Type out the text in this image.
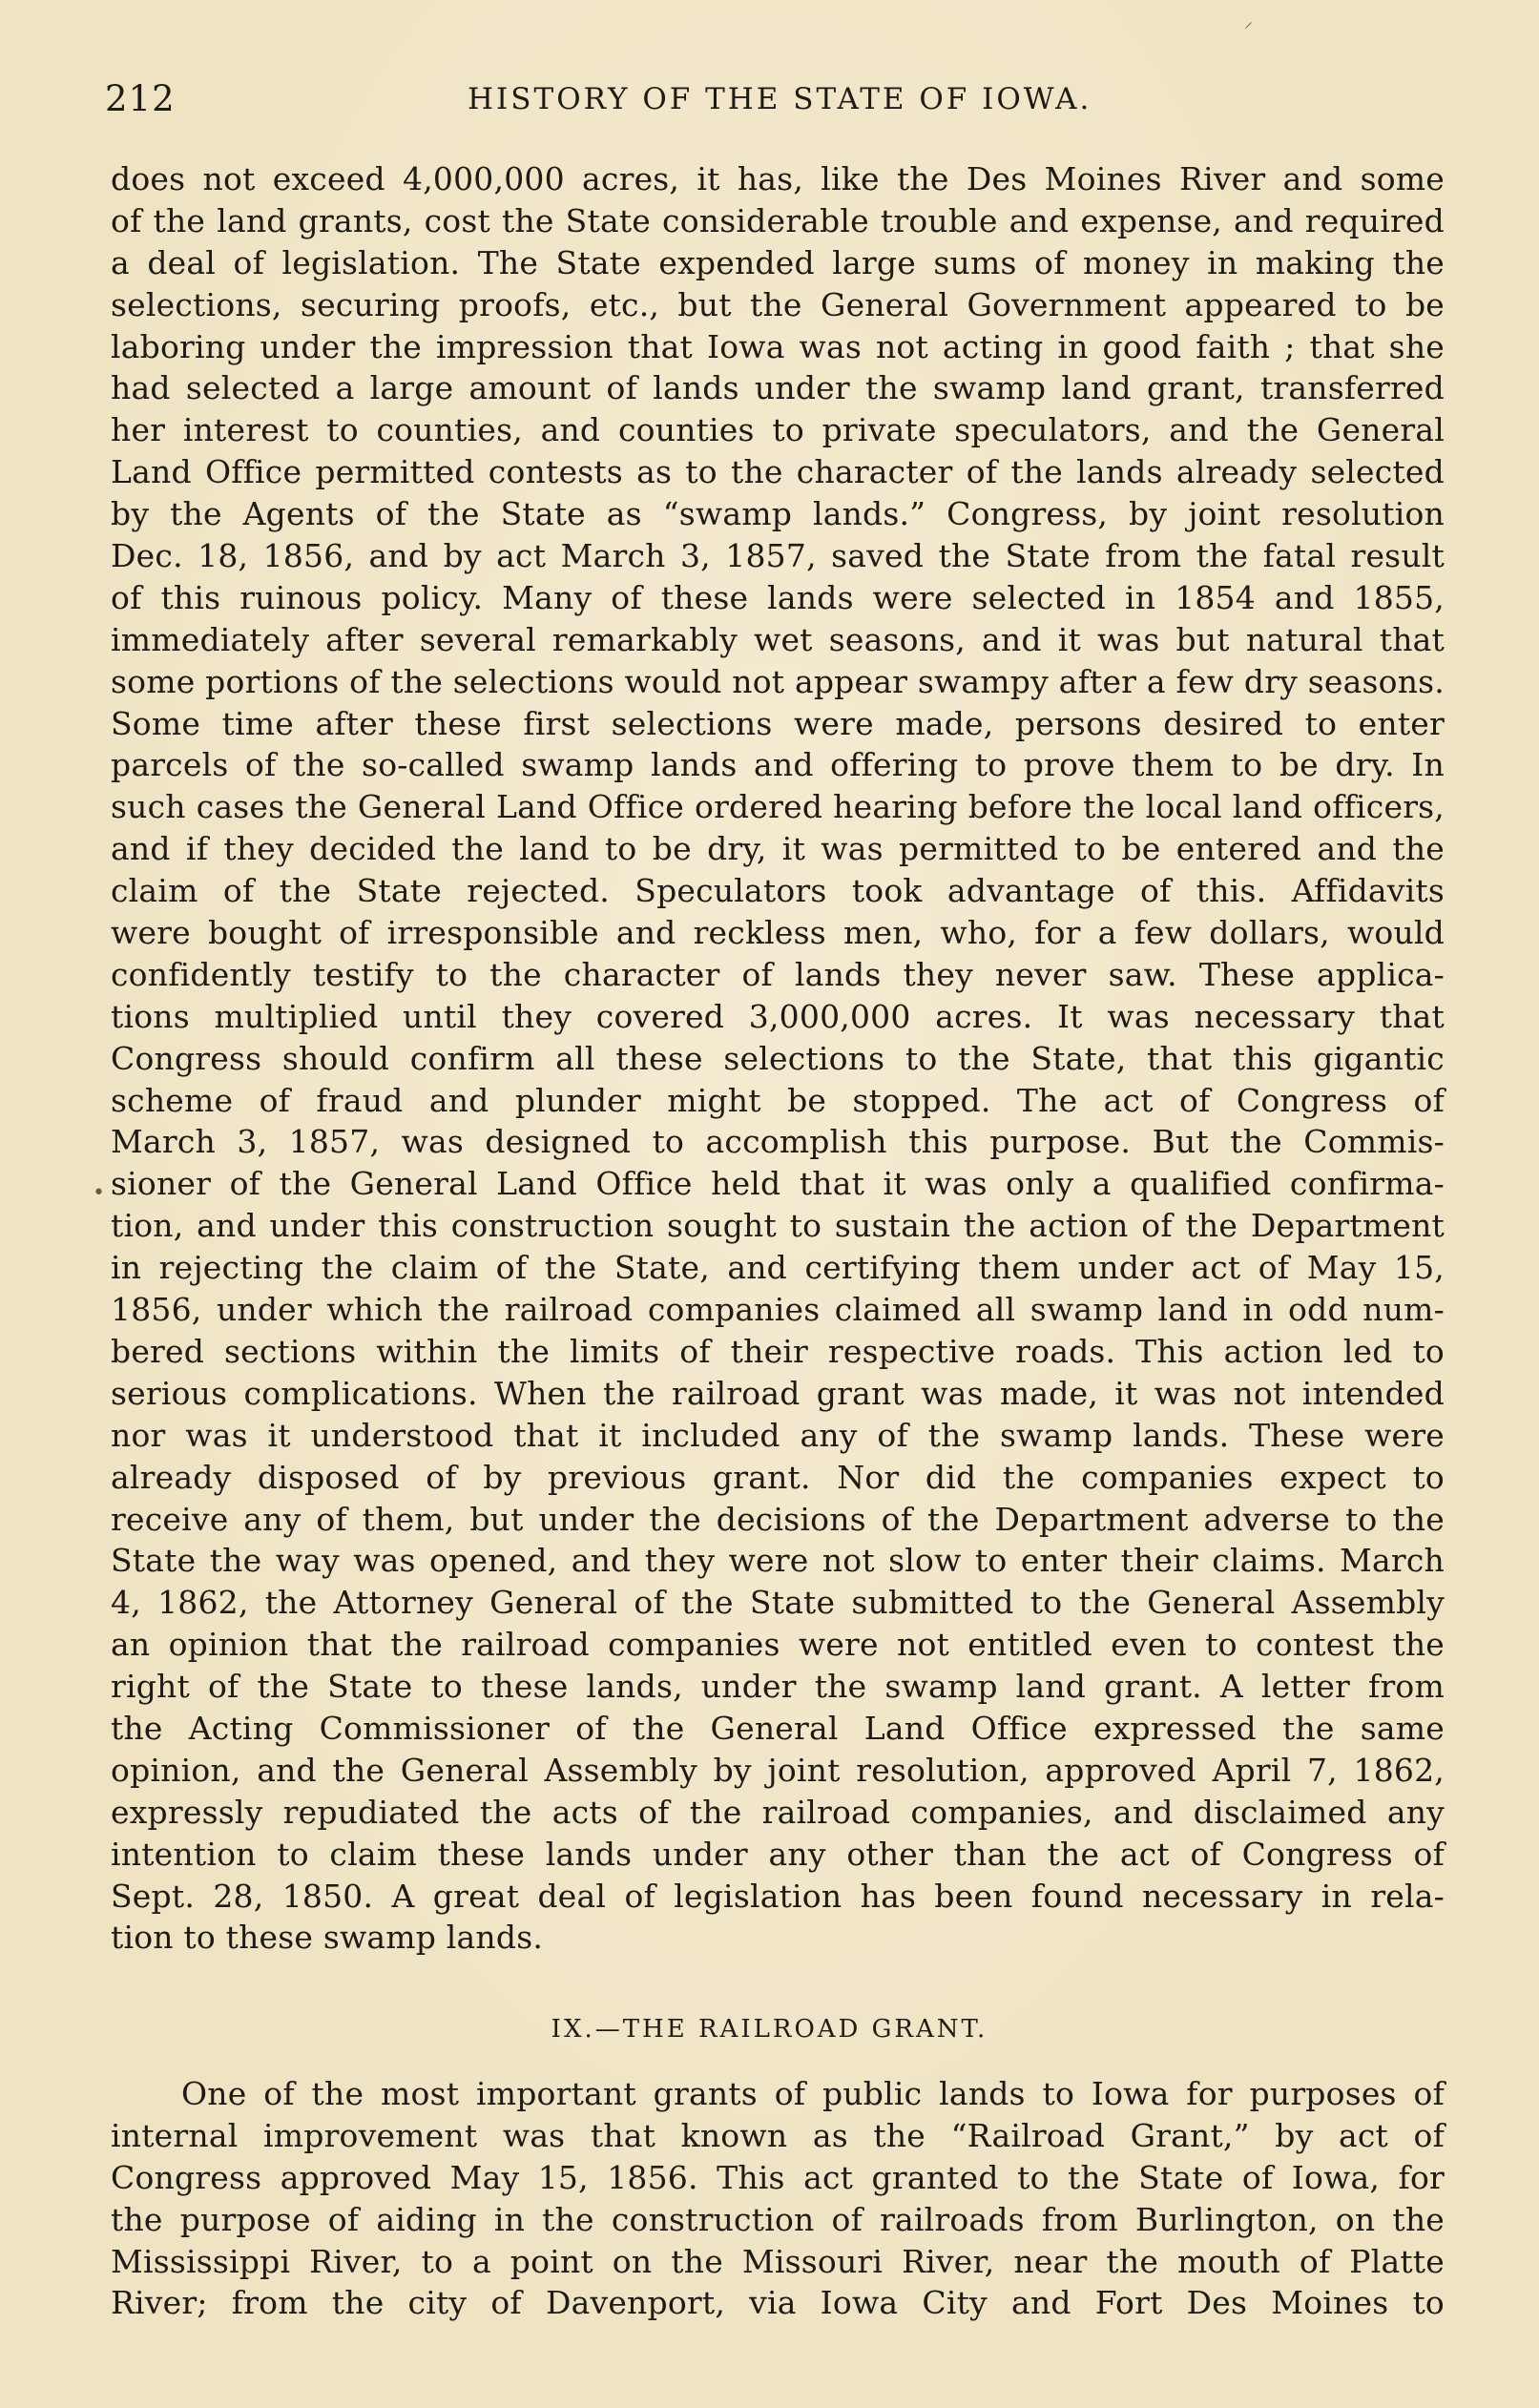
⸍
212	HISTORY OF THE STATE OF IOWA.
does not exceed 4,000,000 acres, it has, like the Des Moines River and some
of the land grants, cost the State considerable trouble and expense, and required
a deal of legislation. The State expended large sums of money in making the
selections, securing proofs, etc., but the General Government appeared to be
laboring under the impression that Iowa was not acting in good faith ; that she
had selected a large amount of lands under the swamp land grant, transferred
her interest to counties, and counties to private speculators, and the General
Land Office permitted contests as to the character of the lands already selected
by the Agents of the State as “swamp lands.” Congress, by joint resolution
Dec. 18, 1856, and by act March 3, 1857, saved the State from the fatal result
of this ruinous policy. Many of these lands were selected in 1854 and 1855,
immediately after several remarkably wet seasons, and it was but natural that
some portions of the selections would not appear swampy after a few dry seasons.
Some time after these first selections were made, persons desired to enter
parcels of the so-called swamp lands and offering to prove them to be dry. In
such cases the General Land Office ordered hearing before the local land officers,
and if they decided the land to be dry, it was permitted to be entered and the
claim of the State rejected. Speculators took advantage of this. Affidavits
were bought of irresponsible and reckless men, who, for a few dollars, would
confidently testify to the character of lands they never saw. These applica-
tions multiplied until they covered 3,000,000 acres. It was necessary that
Congress should confirm all these selections to the State, that this gigantic
scheme of fraud and plunder might be stopped. The act of Congress of
March 3, 1857, was designed to accomplish this purpose. But the Commis-
sioner of the General Land Office held that it was only a qualified confirma-
tion, and under this construction sought to sustain the action of the Department
in rejecting the claim of the State, and certifying them under act of May 15,
1856, under which the railroad companies claimed all swamp land in odd num-
bered sections within the limits of their respective roads. This action led to
serious complications. When the railroad grant was made, it was not intended
nor was it understood that it included any of the swamp lands. These were
already disposed of by previous grant. Nor did the companies expect to
receive any of them, but under the decisions of the Department adverse to the
State the way was opened, and they were not slow to enter their claims. March
4, 1862, the Attorney General of the State submitted to the General Assembly
an opinion that the railroad companies were not entitled even to contest the
right of the State to these lands, under the swamp land grant. A letter from
the Acting Commissioner of the General Land Office expressed the same
opinion, and the General Assembly by joint resolution, approved April 7, 1862,
expressly repudiated the acts of the railroad companies, and disclaimed any
intention to claim these lands under any other than the act of Congress of
Sept. 28, 1850. A great deal of legislation has been found necessary in rela-
tion to these swamp lands.
•
IX.—THE RAILROAD GRANT.
One of the most important grants of public lands to Iowa for purposes of
internal improvement was that known as the “Railroad Grant,” by act of
Congress approved May 15, 1856. This act granted to the State of Iowa, for
the purpose of aiding in the construction of railroads from Burlington, on the
Mississippi River, to a point on the Missouri River, near the mouth of Platte
River; from the city of Davenport, via Iowa City and Fort Des Moines to
